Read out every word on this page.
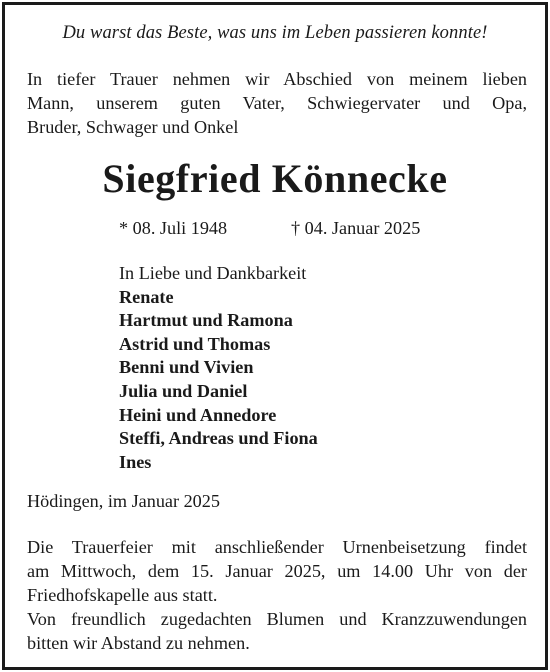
Du warst das Beste, was uns im Leben passieren konnte!
In tiefer Trauer nehmen wir Abschied von meinem lieben
Mann, unserem guten Vater, Schwiegervater und Opa,
Bruder, Schwager und Onkel
Siegfried Könnecke
* 08. Juli 1948	† 04. Januar 2025
In Liebe und Dankbarkeit
Renate
Hartmut und Ramona
Astrid und Thomas
Benni und Vivien
Julia und Daniel
Heini und Annedore
Steffi, Andreas und Fiona
Ines
Hödingen, im Januar 2025
Die Trauerfeier mit anschließender Urnenbeisetzung findet
am Mittwoch, dem 15. Januar 2025, um 14.00 Uhr von der
Friedhofskapelle aus statt.
Von freundlich zugedachten Blumen und Kranzzuwendungen
bitten wir Abstand zu nehmen.
